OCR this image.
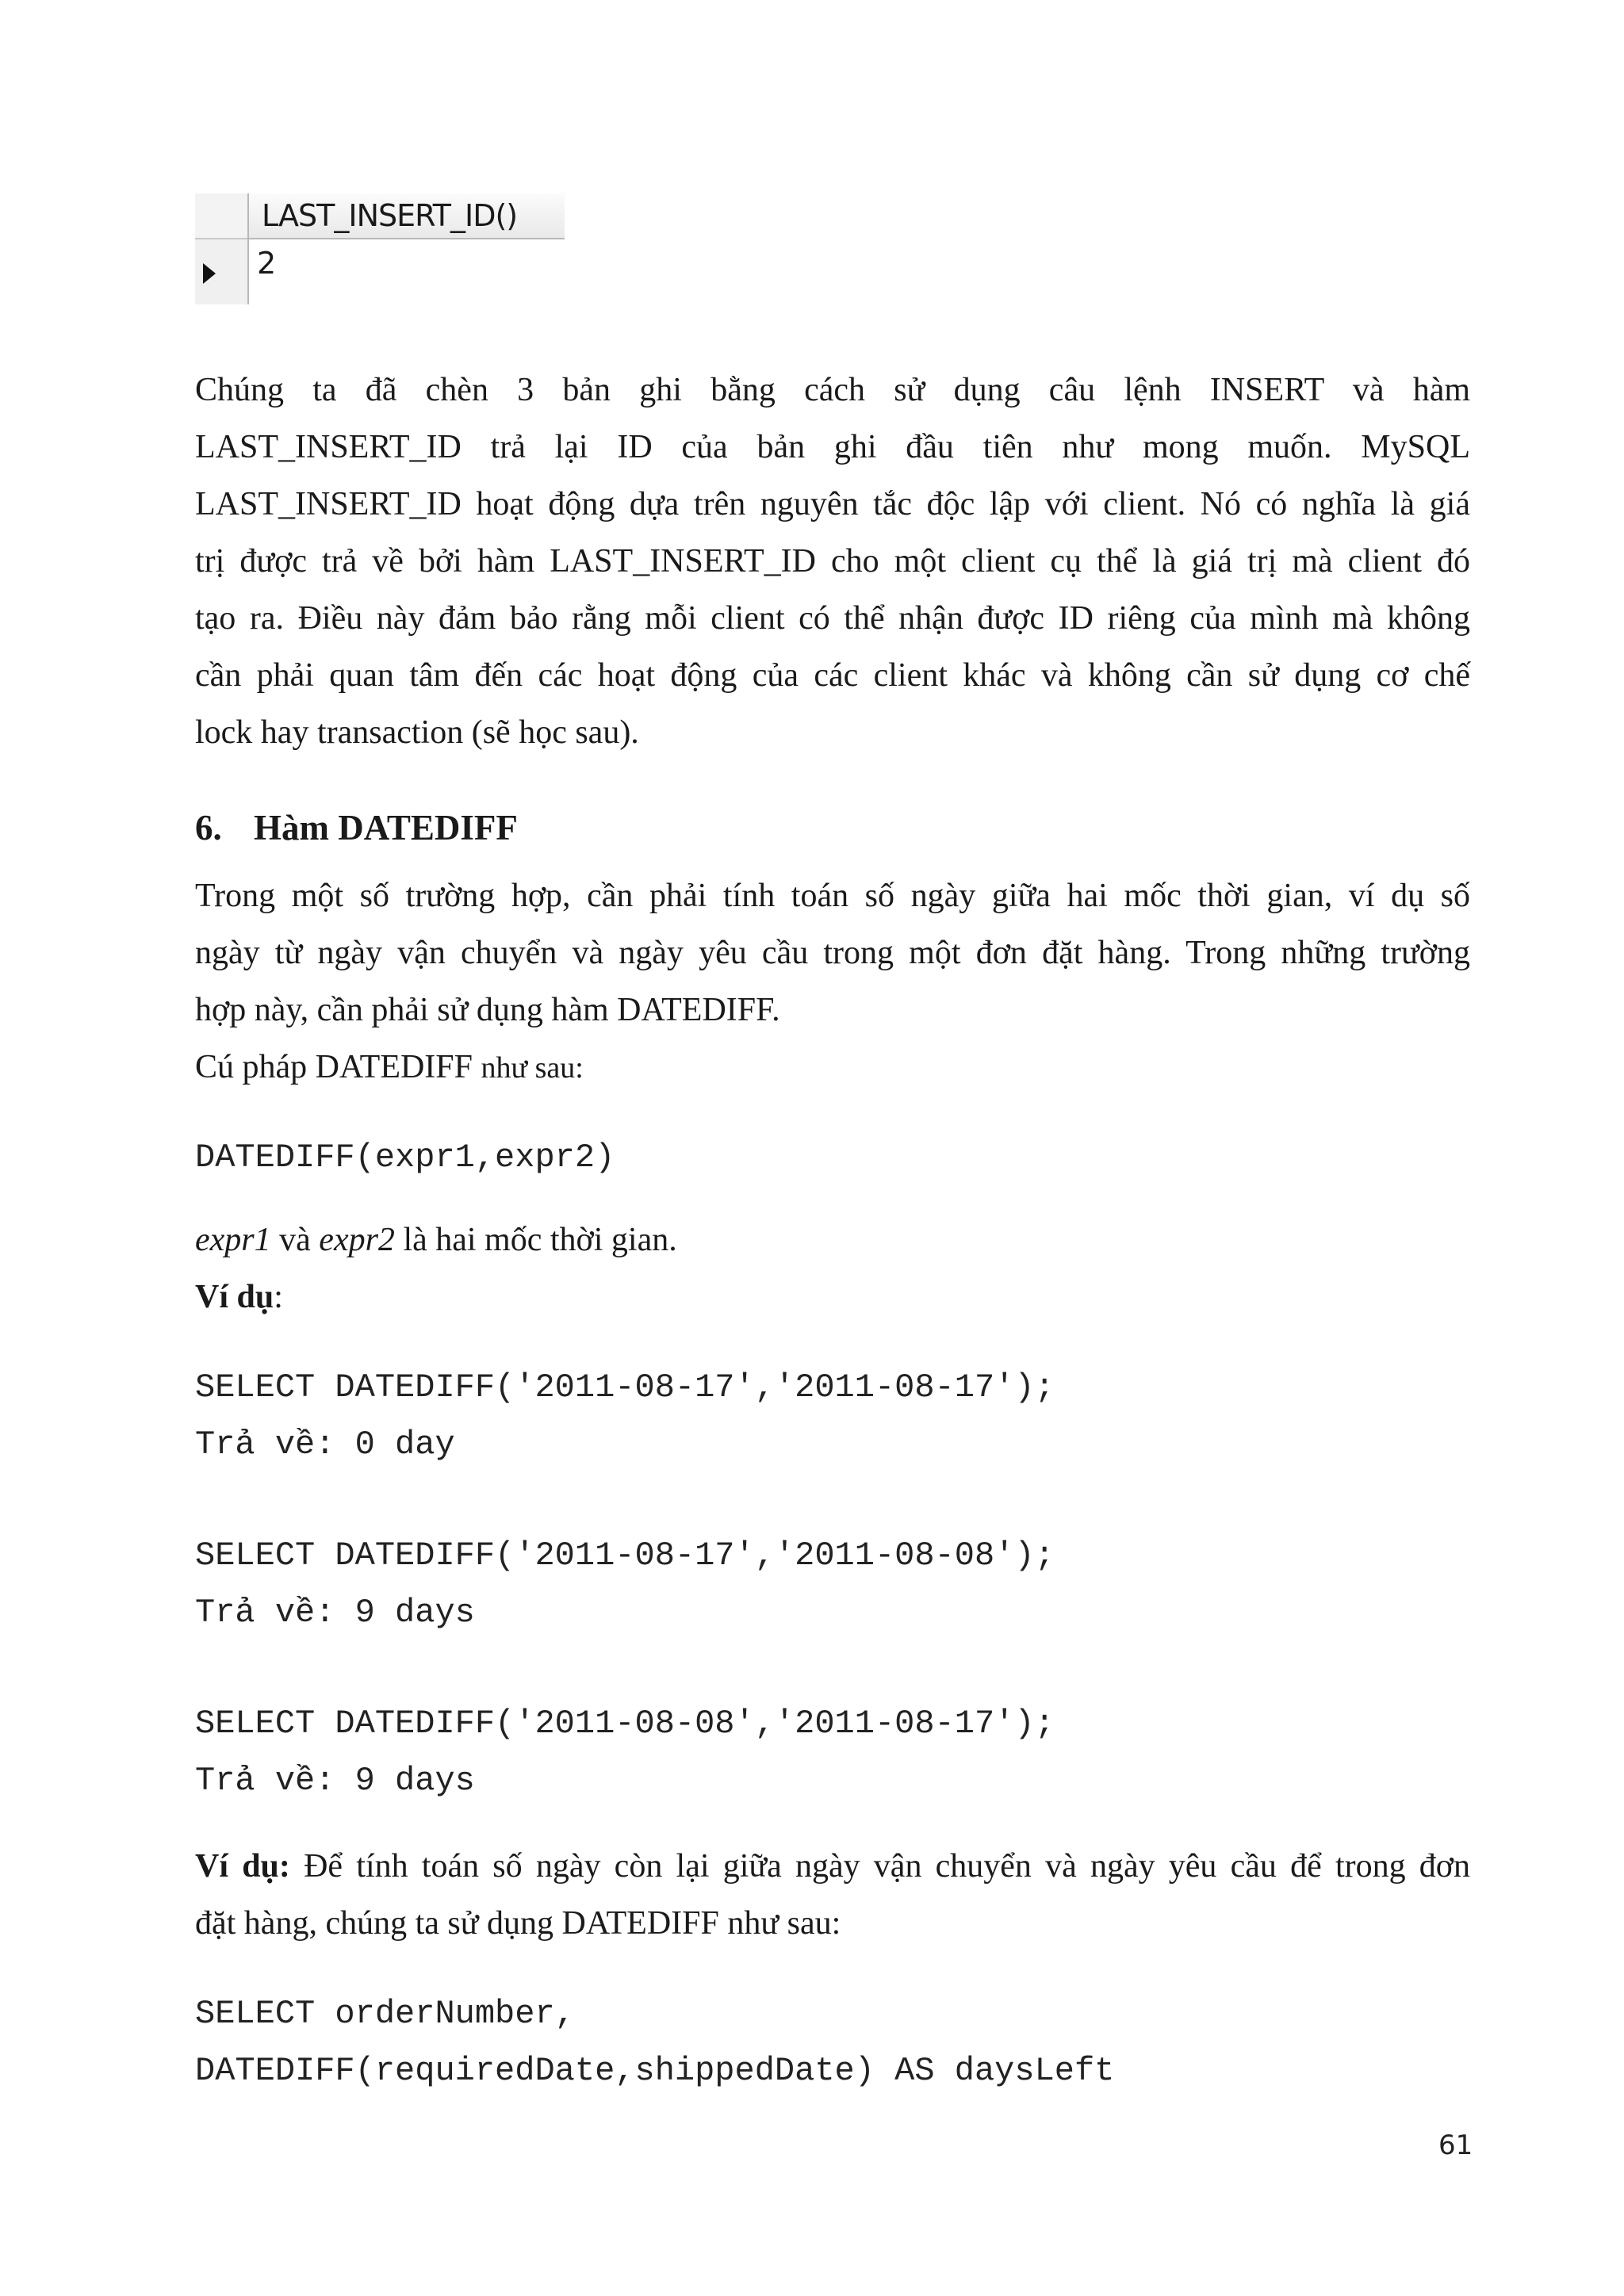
LAST_INSERT_ID()
2
Chúng ta đã chèn 3 bản ghi bằng cách sử dụng câu lệnh INSERT và hàm
LAST_INSERT_ID trả lại ID của bản ghi đầu tiên như mong muốn. MySQL
LAST_INSERT_ID hoạt động dựa trên nguyên tắc độc lập với client. Nó có nghĩa là giá
trị được trả về bởi hàm LAST_INSERT_ID cho một client cụ thể là giá trị mà client đó
tạo ra. Điều này đảm bảo rằng mỗi client có thể nhận được ID riêng của mình mà không
cần phải quan tâm đến các hoạt động của các client khác và không cần sử dụng cơ chế
lock hay transaction (sẽ học sau).
6. Hàm DATEDIFF
Trong một số trường hợp, cần phải tính toán số ngày giữa hai mốc thời gian, ví dụ số
ngày từ ngày vận chuyển và ngày yêu cầu trong một đơn đặt hàng. Trong những trường
hợp này, cần phải sử dụng hàm DATEDIFF.
Cú pháp DATEDIFF như sau:
DATEDIFF(expr1,expr2)
expr1 và expr2 là hai mốc thời gian.
Ví dụ:
SELECT DATEDIFF('2011-08-17','2011-08-17');
Trả về: 0 day
SELECT DATEDIFF('2011-08-17','2011-08-08');
Trả về: 9 days
SELECT DATEDIFF('2011-08-08','2011-08-17');
Trả về: 9 days
Ví dụ: Để tính toán số ngày còn lại giữa ngày vận chuyển và ngày yêu cầu để trong đơn
đặt hàng, chúng ta sử dụng DATEDIFF như sau:
SELECT orderNumber,
DATEDIFF(requiredDate,shippedDate) AS daysLeft
61
